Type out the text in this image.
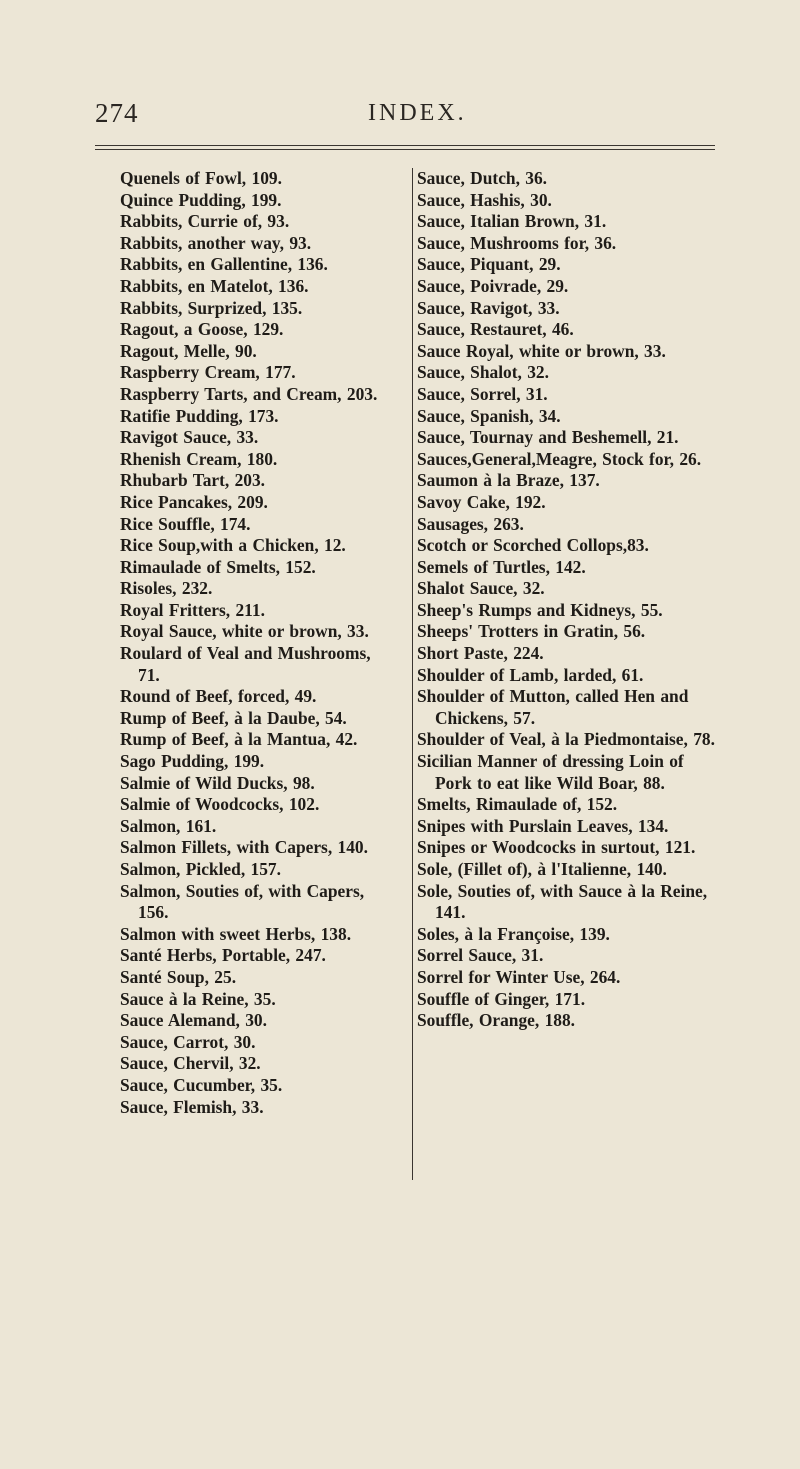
274	INDEX.
Quenels of Fowl, 109.
Quince Pudding, 199.
Rabbits, Currie of, 93.
Rabbits, another way, 93.
Rabbits, en Gallentine, 136.
Rabbits, en Matelot, 136.
Rabbits, Surprized, 135.
Ragout, a Goose, 129.
Ragout, Melle, 90.
Raspberry Cream, 177.
Raspberry Tarts, and Cream, 203.
Ratifie Pudding, 173.
Ravigot Sauce, 33.
Rhenish Cream, 180.
Rhubarb Tart, 203.
Rice Pancakes, 209.
Rice Souffle, 174.
Rice Soup,with a Chicken, 12.
Rimaulade of Smelts, 152.
Risoles, 232.
Royal Fritters, 211.
Royal Sauce, white or brown, 33.
Roulard of Veal and Mushrooms, 71.
Round of Beef, forced, 49.
Rump of Beef, à la Daube, 54.
Rump of Beef, à la Mantua, 42.
Sago Pudding, 199.
Salmie of Wild Ducks, 98.
Salmie of Woodcocks, 102.
Salmon, 161.
Salmon Fillets, with Capers, 140.
Salmon, Pickled, 157.
Salmon, Souties of, with Capers, 156.
Salmon with sweet Herbs, 138.
Santé Herbs, Portable, 247.
Santé Soup, 25.
Sauce à la Reine, 35.
Sauce Alemand, 30.
Sauce, Carrot, 30.
Sauce, Chervil, 32.
Sauce, Cucumber, 35.
Sauce, Flemish, 33.
Sauce, Dutch, 36.
Sauce, Hashis, 30.
Sauce, Italian Brown, 31.
Sauce, Mushrooms for, 36.
Sauce, Piquant, 29.
Sauce, Poivrade, 29.
Sauce, Ravigot, 33.
Sauce, Restauret, 46.
Sauce Royal, white or brown, 33.
Sauce, Shalot, 32.
Sauce, Sorrel, 31.
Sauce, Spanish, 34.
Sauce, Tournay and Beshemell, 21.
Sauces,General,Meagre, Stock for, 26.
Saumon à la Braze, 137.
Savoy Cake, 192.
Sausages, 263.
Scotch or Scorched Collops,83.
Semels of Turtles, 142.
Shalot Sauce, 32.
Sheep's Rumps and Kidneys, 55.
Sheeps' Trotters in Gratin, 56.
Short Paste, 224.
Shoulder of Lamb, larded, 61.
Shoulder of Mutton, called Hen and Chickens, 57.
Shoulder of Veal, à la Piedmontaise, 78.
Sicilian Manner of dressing Loin of Pork to eat like Wild Boar, 88.
Smelts, Rimaulade of, 152.
Snipes with Purslain Leaves, 134.
Snipes or Woodcocks in surtout, 121.
Sole, (Fillet of), à l'Italienne, 140.
Sole, Souties of, with Sauce à la Reine, 141.
Soles, à la Françoise, 139.
Sorrel Sauce, 31.
Sorrel for Winter Use, 264.
Souffle of Ginger, 171.
Souffle, Orange, 188.
